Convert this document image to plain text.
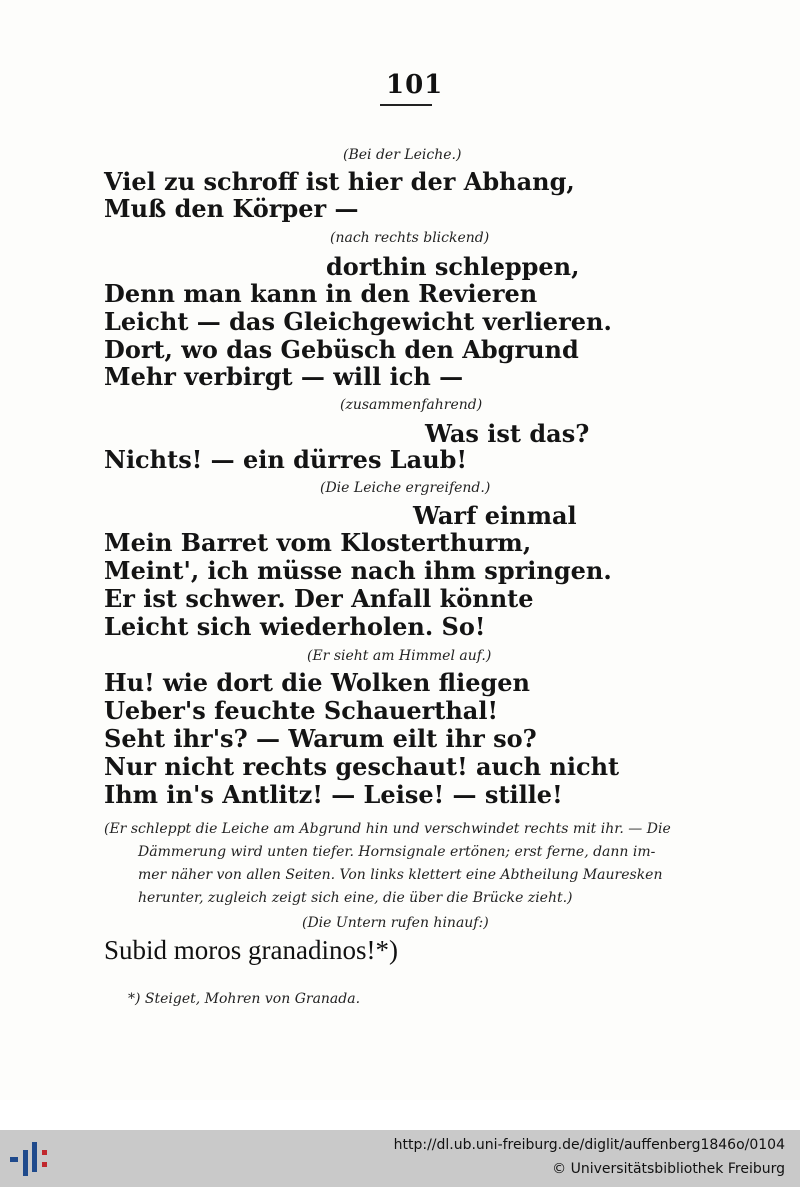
101
(Bei der Leiche.)
Viel zu schroff ist hier der Abhang,
Muß den Körper —
(nach rechts blickend)
dorthin schleppen,
Denn man kann in den Revieren
Leicht — das Gleichgewicht verlieren.
Dort, wo das Gebüsch den Abgrund
Mehr verbirgt — will ich —
(zusammenfahrend)
Was ist das?
Nichts! — ein dürres Laub!
(Die Leiche ergreifend.)
Warf einmal
Mein Barret vom Klosterthurm,
Meint', ich müsse nach ihm springen.
Er ist schwer. Der Anfall könnte
Leicht sich wiederholen. So!
(Er sieht am Himmel auf.)
Hu! wie dort die Wolken fliegen
Ueber's feuchte Schauerthal!
Seht ihr's? — Warum eilt ihr so?
Nur nicht rechts geschaut! auch nicht
Ihm in's Antlitz! — Leise! — stille!
(Er schleppt die Leiche am Abgrund hin und verschwindet rechts mit ihr. — Die
Dämmerung wird unten tiefer. Hornsignale ertönen; erst ferne, dann im-
mer näher von allen Seiten. Von links klettert eine Abtheilung Mauresken
herunter, zugleich zeigt sich eine, die über die Brücke zieht.)
(Die Untern rufen hinauf:)
Subid moros granadinos!*)
*) Steiget, Mohren von Granada.
http://dl.ub.uni-freiburg.de/diglit/auffenberg1846o/0104
© Universitätsbibliothek Freiburg
